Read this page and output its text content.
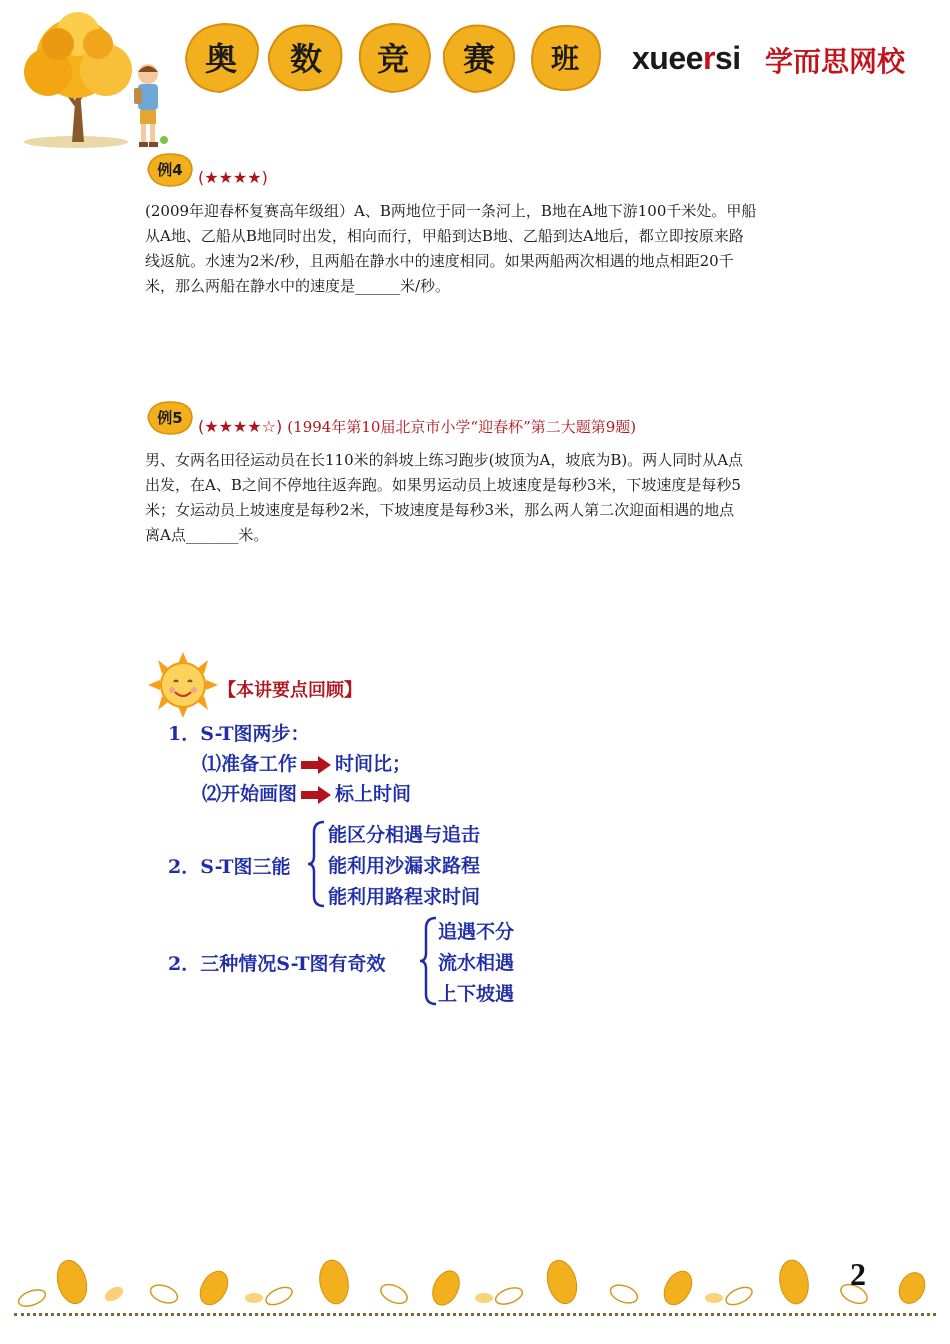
奥	数	竞	赛	班	xueersi 学而思网校
例4 (★★★★)

(2009年迎春杯复赛高年级组）A、B两地位于同一条河上，B地在A地下游100千米处。甲船

从A地、乙船从B地同时出发，相向而行，甲船到达B地、乙船到达A地后，都立即按原来路

线返航。水速为2米/秒，且两船在静水中的速度相同。如果两船两次相遇的地点相距20千

米，那么两船在静水中的速度是______米/秒。

例5 (★★★★☆) (1994年第10届北京市小学“迎春杯”第二大题第9题)

男、女两名田径运动员在长110米的斜坡上练习跑步(坡顶为A，坡底为B)。两人同时从A点

出发，在A、B之间不停地往返奔跑。如果男运动员上坡速度是每秒3米，下坡速度是每秒5

米；女运动员上坡速度是每秒2米，下坡速度是每秒3米，那么两人第二次迎面相遇的地点

离A点_______米。

【本讲要点回顾】
1．S-T图两步：
⑴准备工作 时间比；
⑵开始画图 标上时间
2．S-T图三能
能区分相遇与追击
能利用沙漏求路程
能利用路程求时间
2．三种情况S-T图有奇效
追遇不分
流水相遇
上下坡遇
2
